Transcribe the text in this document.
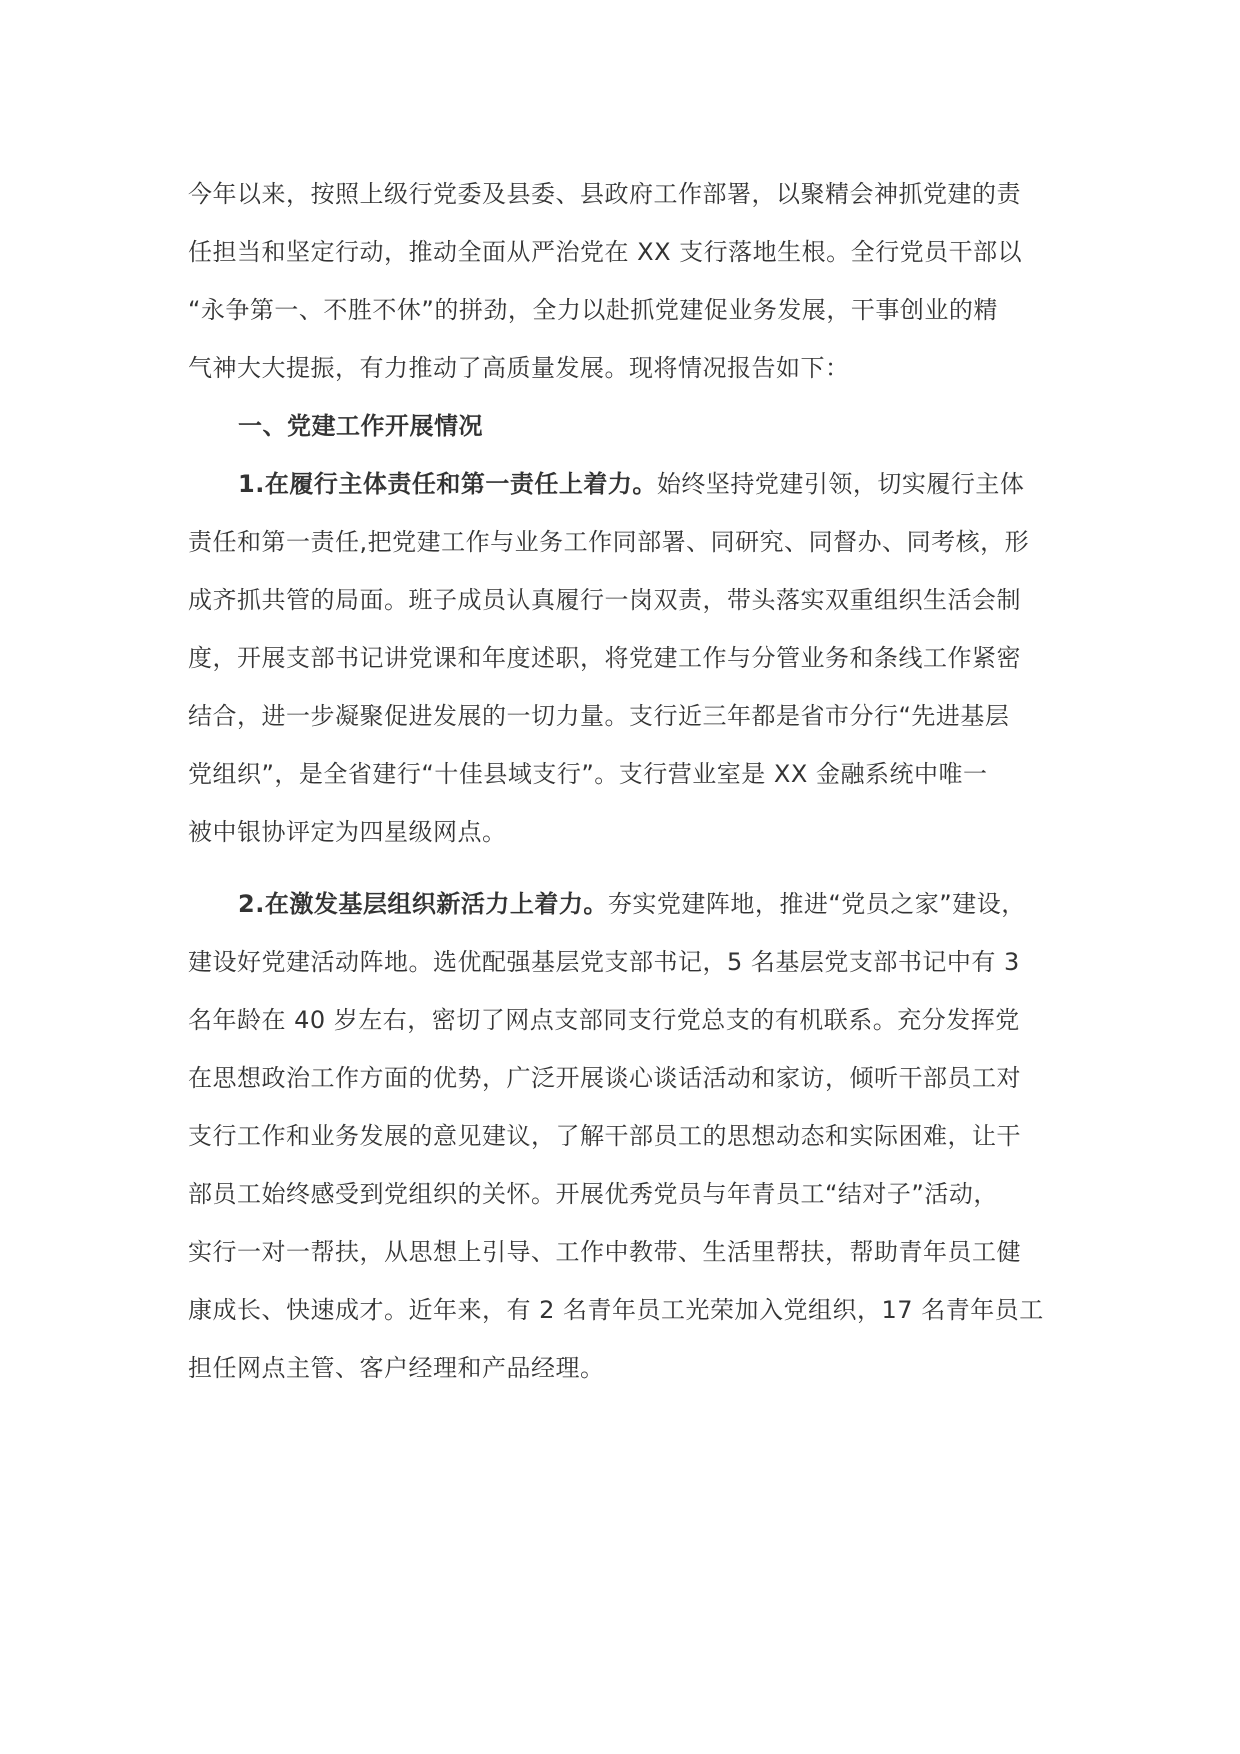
今年以来，按照上级行党委及县委、县政府工作部署，以聚精会神抓党建的责
任担当和坚定行动，推动全面从严治党在 XX 支行落地生根。全行党员干部以
“永争第一、不胜不休”的拼劲，全力以赴抓党建促业务发展，干事创业的精
气神大大提振，有力推动了高质量发展。现将情况报告如下：
一、党建工作开展情况
1.在履行主体责任和第一责任上着力。始终坚持党建引领，切实履行主体
责任和第一责任,把党建工作与业务工作同部署、同研究、同督办、同考核，形
成齐抓共管的局面。班子成员认真履行一岗双责，带头落实双重组织生活会制
度，开展支部书记讲党课和年度述职，将党建工作与分管业务和条线工作紧密
结合，进一步凝聚促进发展的一切力量。支行近三年都是省市分行“先进基层
党组织”，是全省建行“十佳县域支行”。支行营业室是 XX 金融系统中唯一
被中银协评定为四星级网点。
2.在激发基层组织新活力上着力。夯实党建阵地，推进“党员之家”建设，
建设好党建活动阵地。选优配强基层党支部书记，5 名基层党支部书记中有 3
名年龄在 40 岁左右，密切了网点支部同支行党总支的有机联系。充分发挥党
在思想政治工作方面的优势，广泛开展谈心谈话活动和家访，倾听干部员工对
支行工作和业务发展的意见建议，了解干部员工的思想动态和实际困难，让干
部员工始终感受到党组织的关怀。开展优秀党员与年青员工“结对子”活动，
实行一对一帮扶，从思想上引导、工作中教带、生活里帮扶，帮助青年员工健
康成长、快速成才。近年来，有 2 名青年员工光荣加入党组织，17 名青年员工
担任网点主管、客户经理和产品经理。
